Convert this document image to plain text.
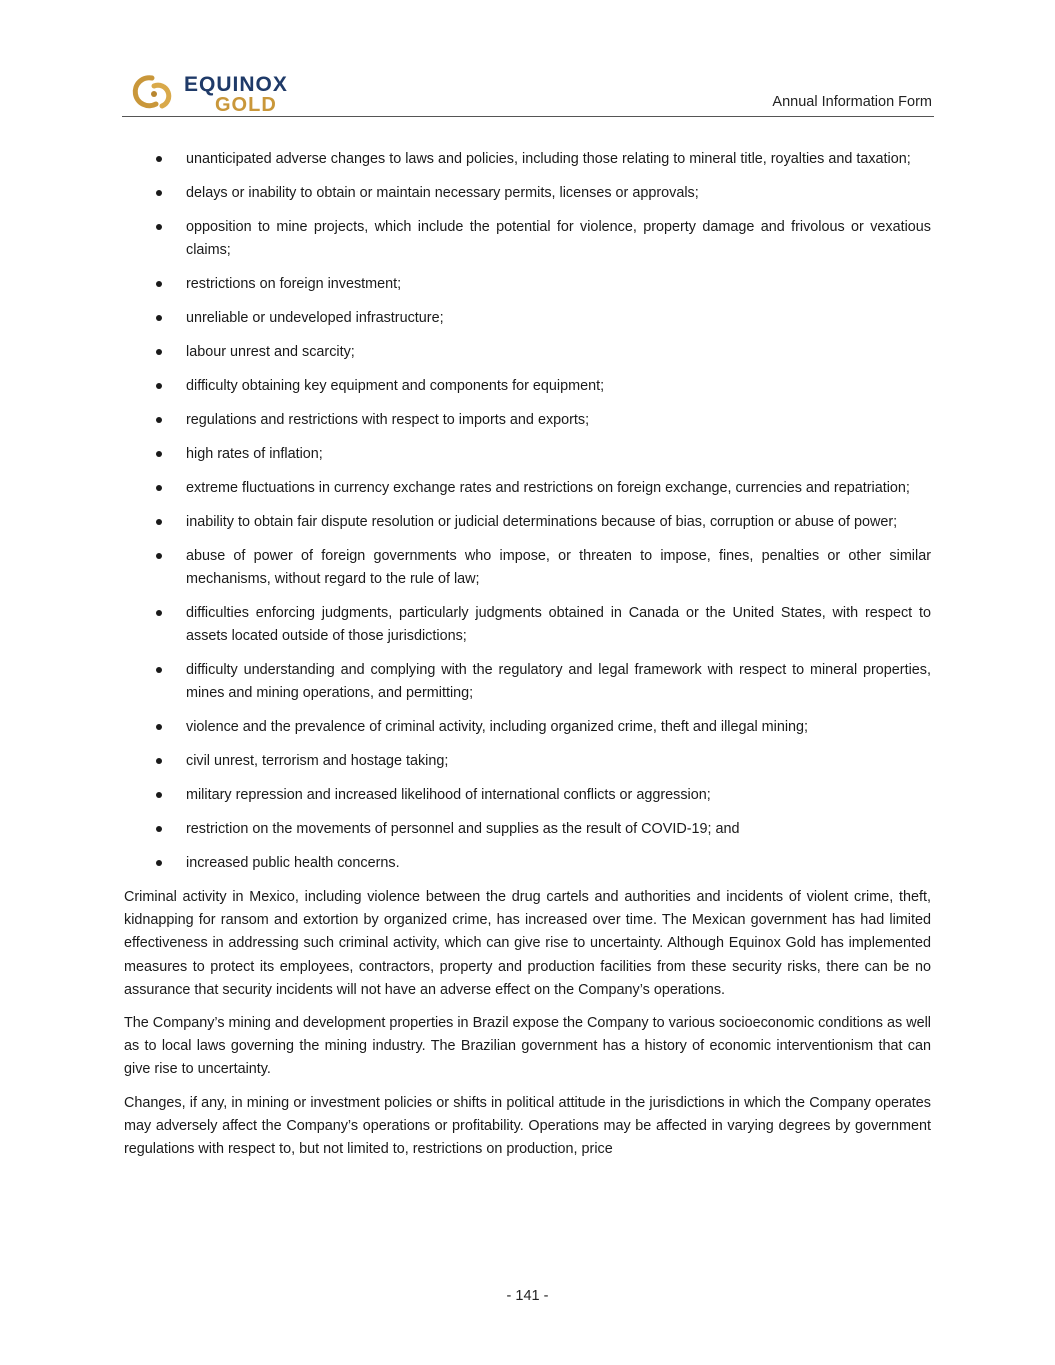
EQUINOX
GOLD	Annual Information Form
unanticipated adverse changes to laws and policies, including those relating to mineral title, royalties and taxation;
delays or inability to obtain or maintain necessary permits, licenses or approvals;
opposition to mine projects, which include the potential for violence, property damage and frivolous or vexatious claims;
restrictions on foreign investment;
unreliable or undeveloped infrastructure;
labour unrest and scarcity;
difficulty obtaining key equipment and components for equipment;
regulations and restrictions with respect to imports and exports;
high rates of inflation;
extreme fluctuations in currency exchange rates and restrictions on foreign exchange, currencies and repatriation;
inability to obtain fair dispute resolution or judicial determinations because of bias, corruption or abuse of power;
abuse of power of foreign governments who impose, or threaten to impose, fines, penalties or other similar mechanisms, without regard to the rule of law;
difficulties enforcing judgments, particularly judgments obtained in Canada or the United States, with respect to assets located outside of those jurisdictions;
difficulty understanding and complying with the regulatory and legal framework with respect to mineral properties, mines and mining operations, and permitting;
violence and the prevalence of criminal activity, including organized crime, theft and illegal mining;
civil unrest, terrorism and hostage taking;
military repression and increased likelihood of international conflicts or aggression;
restriction on the movements of personnel and supplies as the result of COVID-19; and
increased public health concerns.

Criminal activity in Mexico, including violence between the drug cartels and authorities and incidents of violent crime, theft, kidnapping for ransom and extortion by organized crime, has increased over time. The Mexican government has had limited effectiveness in addressing such criminal activity, which can give rise to uncertainty. Although Equinox Gold has implemented measures to protect its employees, contractors, property and production facilities from these security risks, there can be no assurance that security incidents will not have an adverse effect on the Company’s operations.

The Company’s mining and development properties in Brazil expose the Company to various socioeconomic conditions as well as to local laws governing the mining industry. The Brazilian government has a history of economic interventionism that can give rise to uncertainty.

Changes, if any, in mining or investment policies or shifts in political attitude in the jurisdictions in which the Company operates may adversely affect the Company’s operations or profitability. Operations may be affected in varying degrees by government regulations with respect to, but not limited to, restrictions on production, price

- 141 -
